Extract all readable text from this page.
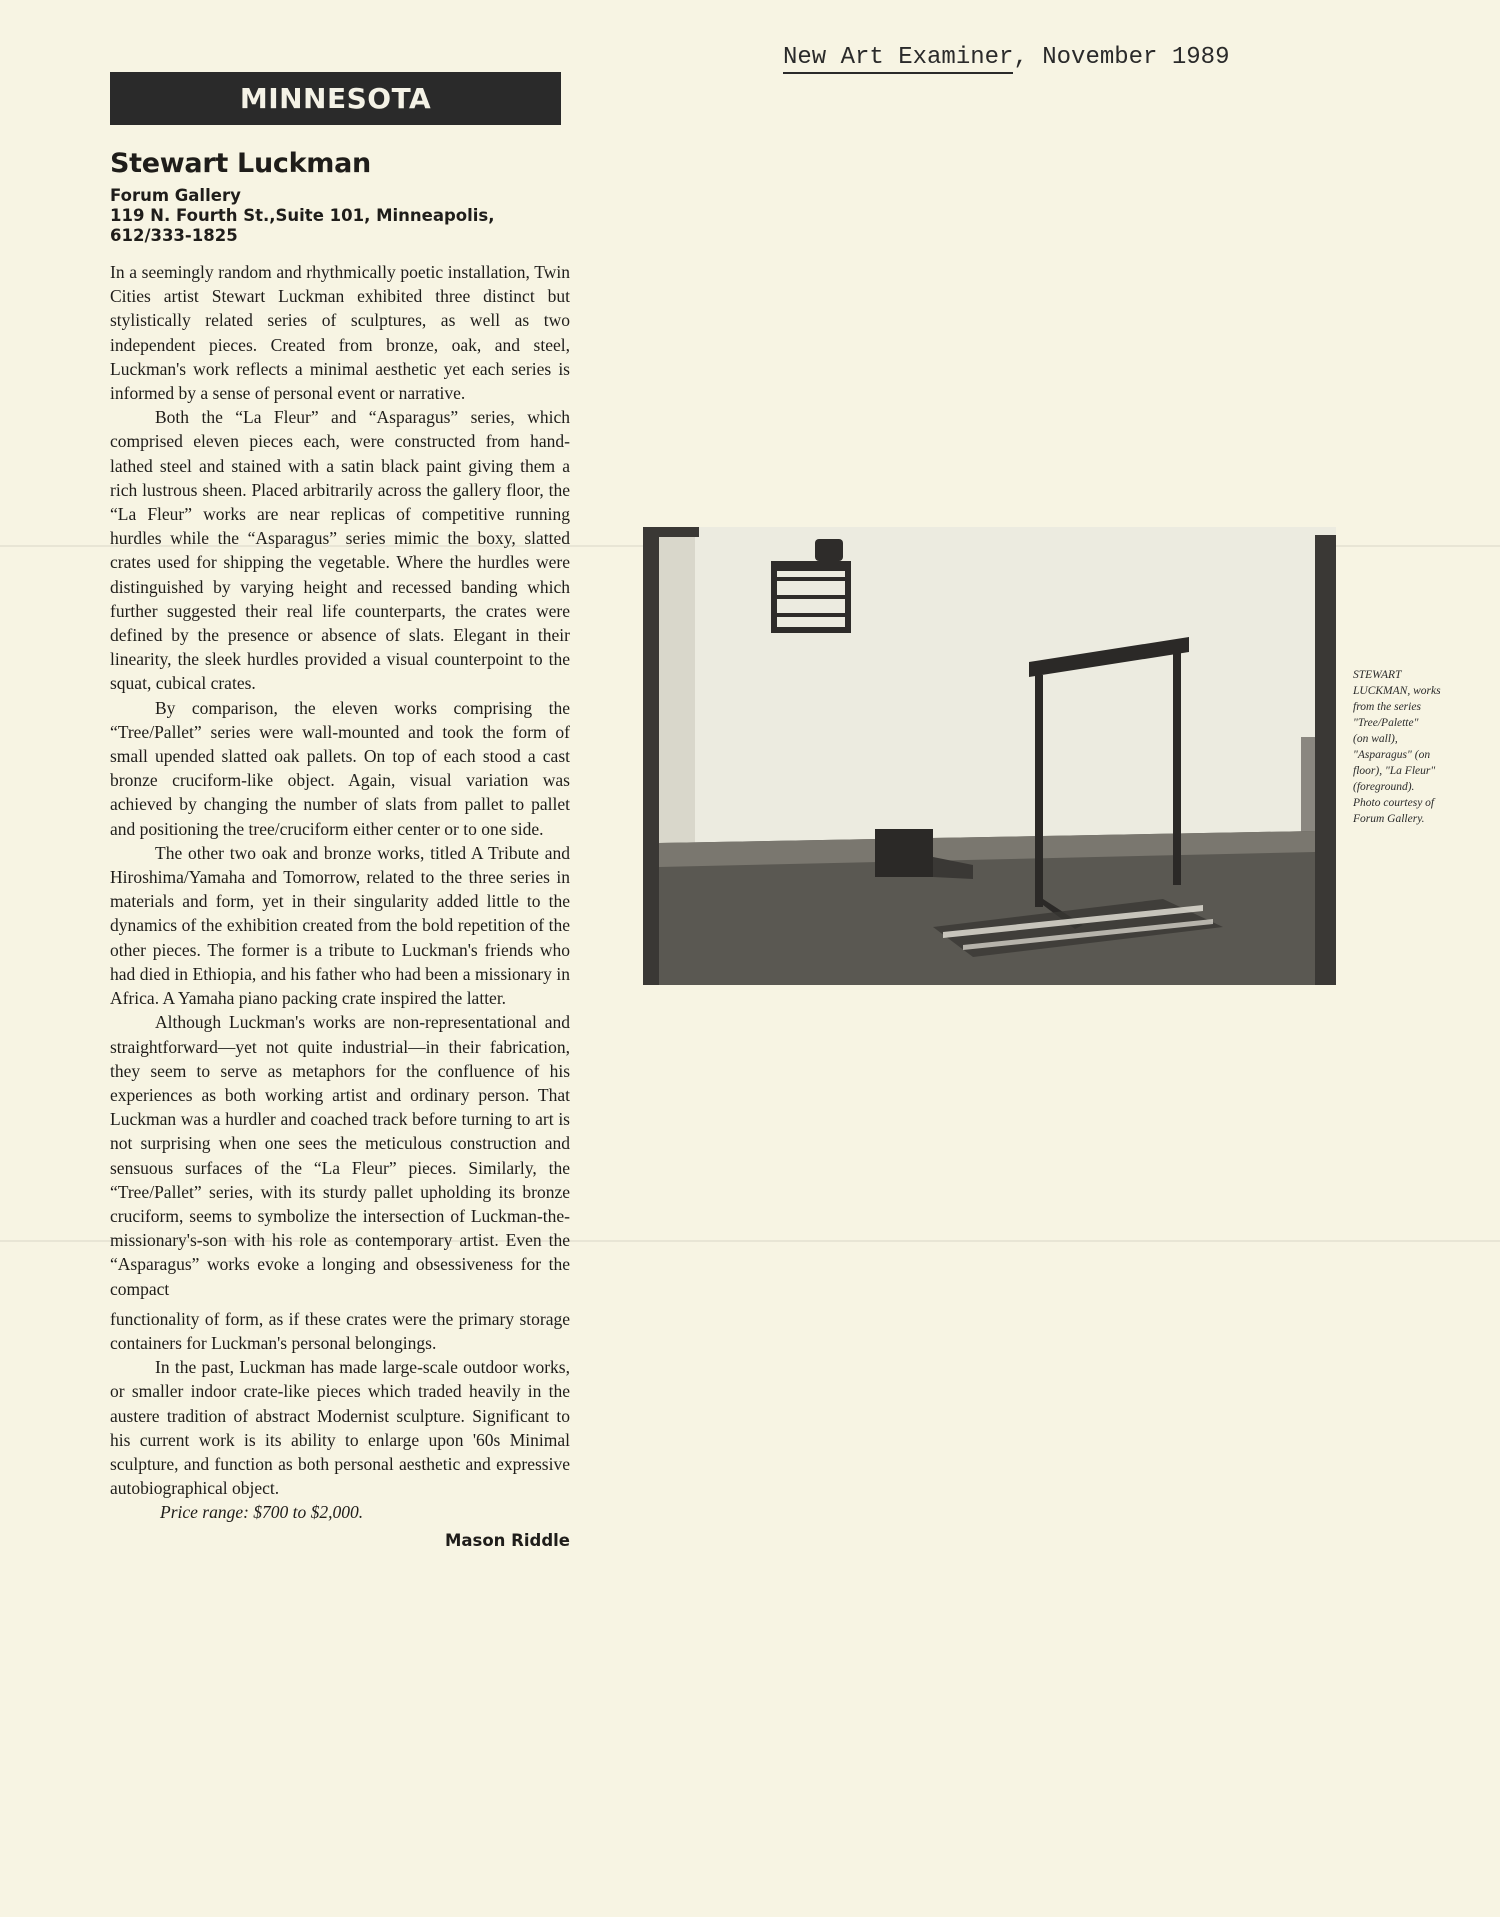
New Art Examiner, November 1989
MINNESOTA
Stewart Luckman
Forum Gallery
119 N. Fourth St.,Suite 101, Minneapolis,
612/333-1825

In a seemingly random and rhythmically poetic installation, Twin Cities artist Stewart Luckman exhibited three distinct but stylistically related series of sculptures, as well as two independent pieces. Created from bronze, oak, and steel, Luckman's work reflects a minimal aesthetic yet each series is informed by a sense of personal event or narrative.

Both the “La Fleur” and “Asparagus” series, which comprised eleven pieces each, were constructed from hand-lathed steel and stained with a satin black paint giving them a rich lustrous sheen. Placed arbitrarily across the gallery floor, the “La Fleur” works are near replicas of competitive running hurdles while the “Asparagus” series mimic the boxy, slatted crates used for shipping the vegetable. Where the hurdles were distinguished by varying height and recessed banding which further suggested their real life counterparts, the crates were defined by the presence or absence of slats. Elegant in their linearity, the sleek hurdles provided a visual counterpoint to the squat, cubical crates.

By comparison, the eleven works comprising the “Tree/Pallet” series were wall-mounted and took the form of small upended slatted oak pallets. On top of each stood a cast bronze cruciform-like object. Again, visual variation was achieved by changing the number of slats from pallet to pallet and positioning the tree/cruciform either center or to one side.

The other two oak and bronze works, titled A Tribute and Hiroshima/Yamaha and Tomorrow, related to the three series in materials and form, yet in their singularity added little to the dynamics of the exhibition created from the bold repetition of the other pieces. The former is a tribute to Luckman's friends who had died in Ethiopia, and his father who had been a missionary in Africa. A Yamaha piano packing crate inspired the latter.

Although Luckman's works are non-representational and straightforward—yet not quite industrial—in their fabrication, they seem to serve as metaphors for the confluence of his experiences as both working artist and ordinary person. That Luckman was a hurdler and coached track before turning to art is not surprising when one sees the meticulous construction and sensuous surfaces of the “La Fleur” pieces. Similarly, the “Tree/Pallet” series, with its sturdy pallet upholding its bronze cruciform, seems to symbolize the intersection of Luckman-the-missionary's-son with his role as contemporary artist. Even the “Asparagus” works evoke a longing and obsessiveness for the compact

functionality of form, as if these crates were the primary storage containers for Luckman's personal belongings.

In the past, Luckman has made large-scale outdoor works, or smaller indoor crate-like pieces which traded heavily in the austere tradition of abstract Modernist sculpture. Significant to his current work is its ability to enlarge upon '60s Minimal sculpture, and function as both personal aesthetic and expressive autobiographical object.

Price range: $700 to $2,000.

Mason Riddle
STEWART
LUCKMAN, works
from the series
"Tree/Palette"
(on wall),
"Asparagus" (on
floor), "La Fleur"
(foreground).
Photo courtesy of
Forum Gallery.
